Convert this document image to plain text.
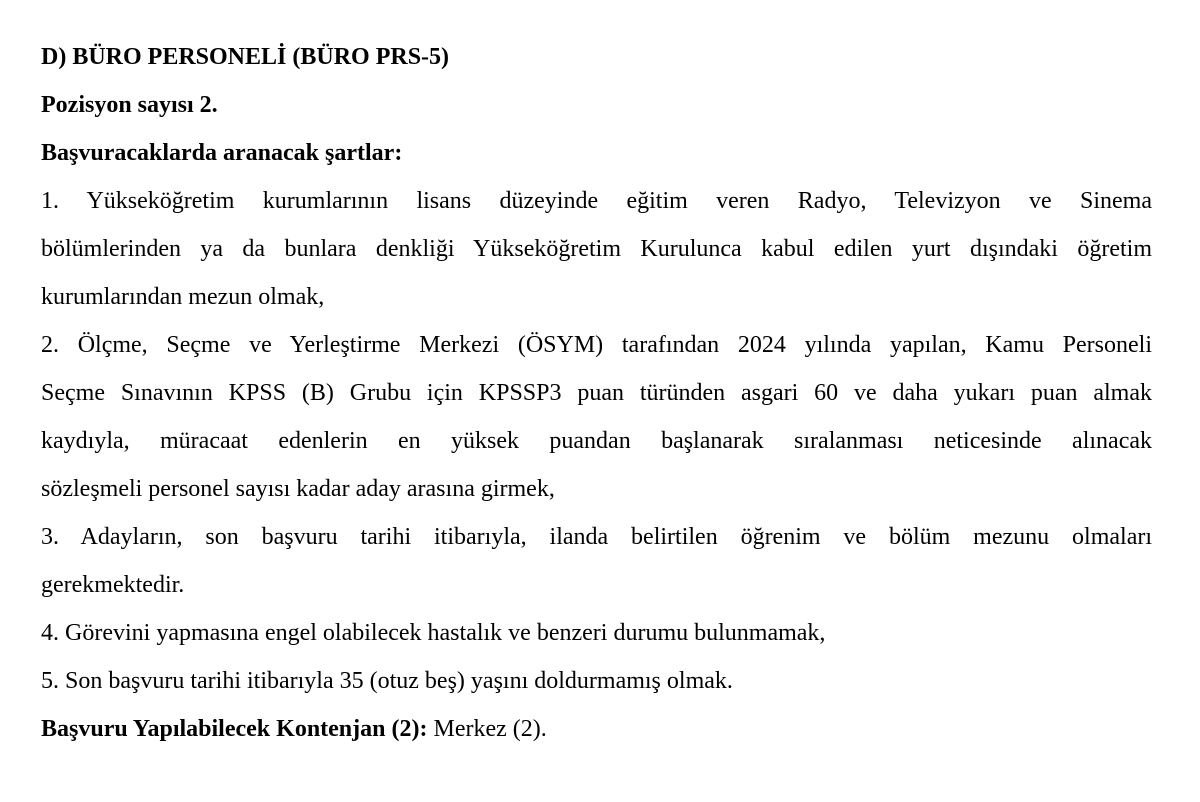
D) BÜRO PERSONELİ (BÜRO PRS-5)
Pozisyon sayısı 2.
Başvuracaklarda aranacak şartlar:
1. Yükseköğretim kurumlarının lisans düzeyinde eğitim veren Radyo, Televizyon ve Sinema
bölümlerinden ya da bunlara denkliği Yükseköğretim Kurulunca kabul edilen yurt dışındaki öğretim
kurumlarından mezun olmak,
2. Ölçme, Seçme ve Yerleştirme Merkezi (ÖSYM) tarafından 2024 yılında yapılan, Kamu Personeli
Seçme Sınavının KPSS (B) Grubu için KPSSP3 puan türünden asgari 60 ve daha yukarı puan almak
kaydıyla, müracaat edenlerin en yüksek puandan başlanarak sıralanması neticesinde alınacak
sözleşmeli personel sayısı kadar aday arasına girmek,
3. Adayların, son başvuru tarihi itibarıyla, ilanda belirtilen öğrenim ve bölüm mezunu olmaları
gerekmektedir.
4. Görevini yapmasına engel olabilecek hastalık ve benzeri durumu bulunmamak,
5. Son başvuru tarihi itibarıyla 35 (otuz beş) yaşını doldurmamış olmak.
Başvuru Yapılabilecek Kontenjan (2): Merkez (2).
